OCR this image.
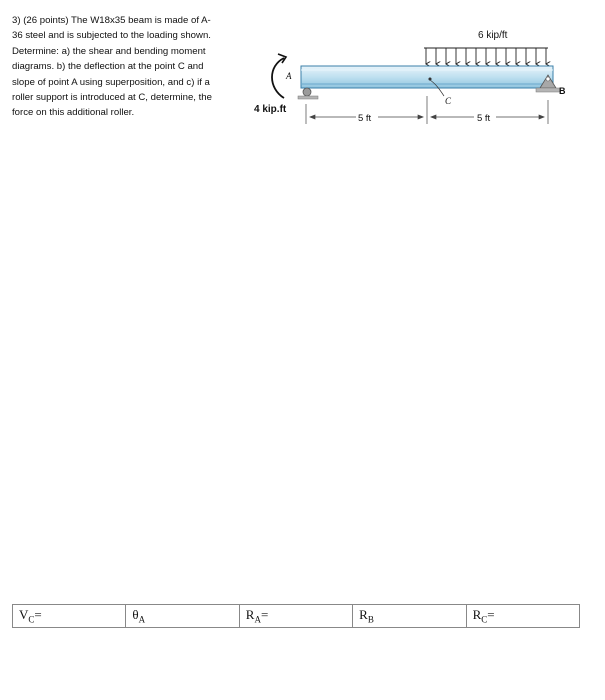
3) (26 points) The W18x35 beam is made of A-
36 steel and is subjected to the loading shown.
Determine: a) the shear and bending moment
diagrams. b) the deflection at the point C and
slope of point A using superposition, and c) if a
roller support is introduced at C, determine, the
force on this additional roller.
6 kip/ft
4 kip.ft
A
B
C
5 ft	5 ft
$V_C=$	$\theta_A$	$R_A=$	$R_B$	$R_C=$
